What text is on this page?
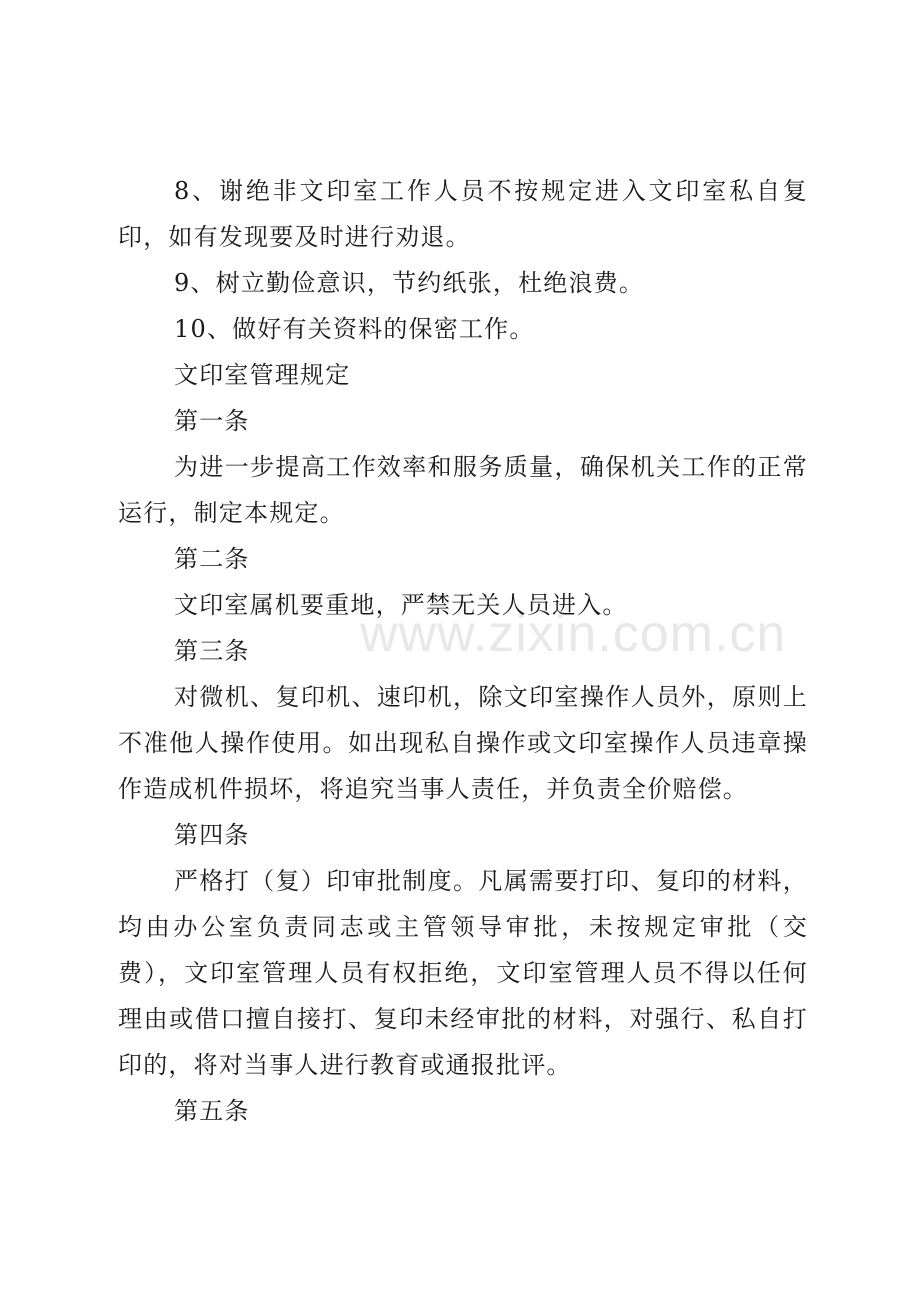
8、谢绝非文印室工作人员不按规定进入文印室私自复印，如有发现要及时进行劝退。

9、树立勤俭意识，节约纸张，杜绝浪费。

10、做好有关资料的保密工作。

文印室管理规定

第一条

为进一步提高工作效率和服务质量，确保机关工作的正常运行，制定本规定。

第二条

文印室属机要重地，严禁无关人员进入。

第三条

对微机、复印机、速印机，除文印室操作人员外，原则上不准他人操作使用。如出现私自操作或文印室操作人员违章操作造成机件损坏，将追究当事人责任，并负责全价赔偿。

第四条

严格打（复）印审批制度。凡属需要打印、复印的材料，均由办公室负责同志或主管领导审批，未按规定审批（交费），文印室管理人员有权拒绝，文印室管理人员不得以任何理由或借口擅自接打、复印未经审批的材料，对强行、私自打印的，将对当事人进行教育或通报批评。

第五条

www.zixin.com.cn
